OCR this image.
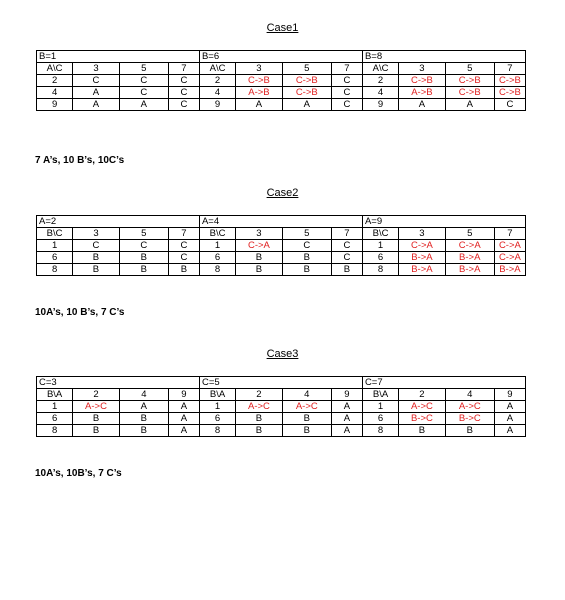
Case1
B=1				B=6				B=8			
A\C	3	5	7	A\C	3	5	7	A\C	3	5	7
2	C	C	C	2	C->B	C->B	C	2	C->B	C->B	C->B
4	A	C	C	4	A->B	C->B	C	4	A->B	C->B	C->B
9	A	A	C	9	A	A	C	9	A	A	C
7 A’s, 10 B’s, 10C’s
Case2
A=2				A=4				A=9			
B\C	3	5	7	B\C	3	5	7	B\C	3	5	7
1	C	C	C	1	C->A	C	C	1	C->A	C->A	C->A
6	B	B	C	6	B	B	C	6	B->A	B->A	C->A
8	B	B	B	8	B	B	B	8	B->A	B->A	B->A
10A’s, 10 B’s, 7 C’s
Case3
C=3				C=5				C=7			
B\A	2	4	9	B\A	2	4	9	B\A	2	4	9
1	A->C	A	A	1	A->C	A->C	A	1	A->C	A->C	A
6	B	B	A	6	B	B	A	6	B->C	B->C	A
8	B	B	A	8	B	B	A	8	B	B	A
10A’s, 10B’s, 7 C’s
